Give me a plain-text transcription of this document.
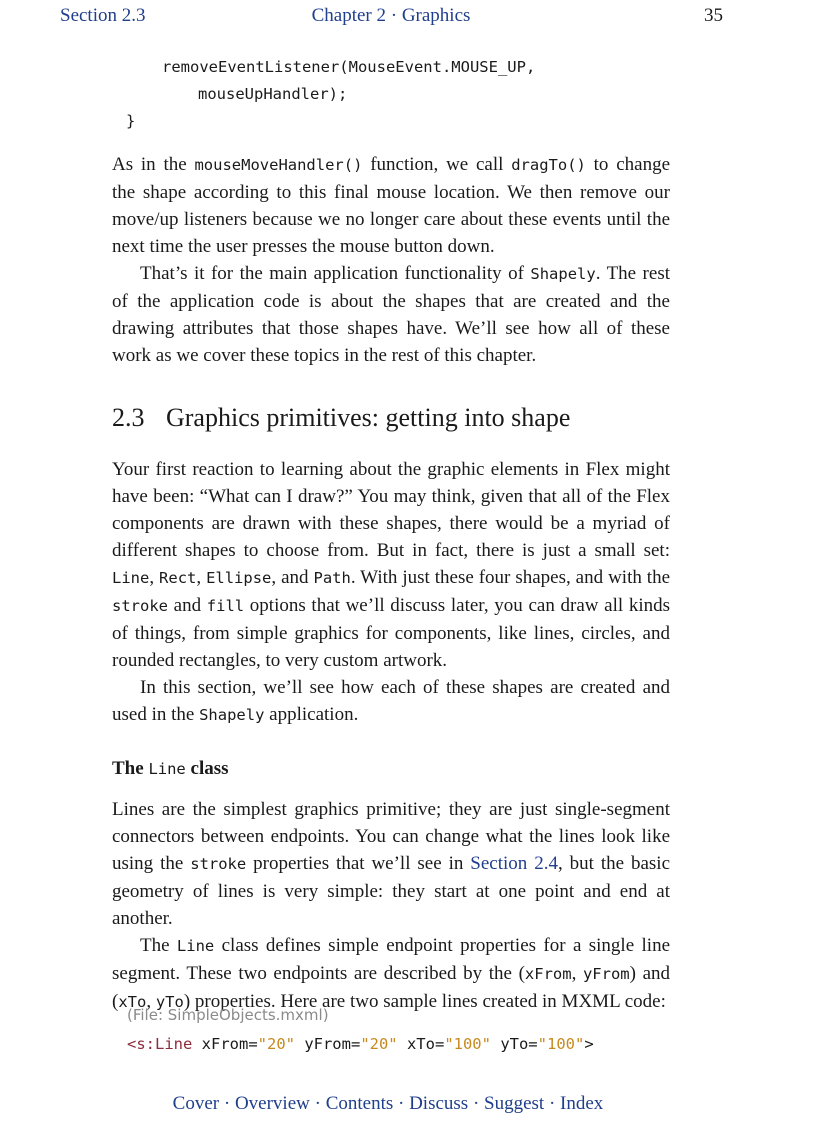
Section 2.3	Chapter 2 · Graphics	35
removeEventListener(MouseEvent.MOUSE_UP,
mouseUpHandler);
}

As in the mouseMoveHandler() function, we call dragTo() to change the shape according to this final mouse location. We then remove our move/up listeners because we no longer care about these events until the next time the user presses the mouse button down.

That’s it for the main application functionality of Shapely. The rest of the application code is about the shapes that are created and the drawing attributes that those shapes have. We’ll see how all of these work as we cover these topics in the rest of this chapter.

2.3 Graphics primitives: getting into shape

Your first reaction to learning about the graphic elements in Flex might have been: “What can I draw?” You may think, given that all of the Flex components are drawn with these shapes, there would be a myriad of different shapes to choose from. But in fact, there is just a small set: Line, Rect, Ellipse, and Path. With just these four shapes, and with the stroke and fill options that we’ll discuss later, you can draw all kinds of things, from simple graphics for components, like lines, circles, and rounded rectangles, to very custom artwork.

In this section, we’ll see how each of these shapes are created and used in the Shapely application.

The Line class

Lines are the simplest graphics primitive; they are just single-segment connectors between endpoints. You can change what the lines look like using the stroke properties that we’ll see in Section 2.4, but the basic geometry of lines is very simple: they start at one point and end at another.

The Line class defines simple endpoint properties for a single line segment. These two endpoints are described by the (xFrom, yFrom) and (xTo, yTo) properties. Here are two sample lines created in MXML code:

(File: SimpleObjects.mxml)
<s:Line xFrom="20" yFrom="20" xTo="100" yTo="100">
Cover · Overview · Contents · Discuss · Suggest · Index
